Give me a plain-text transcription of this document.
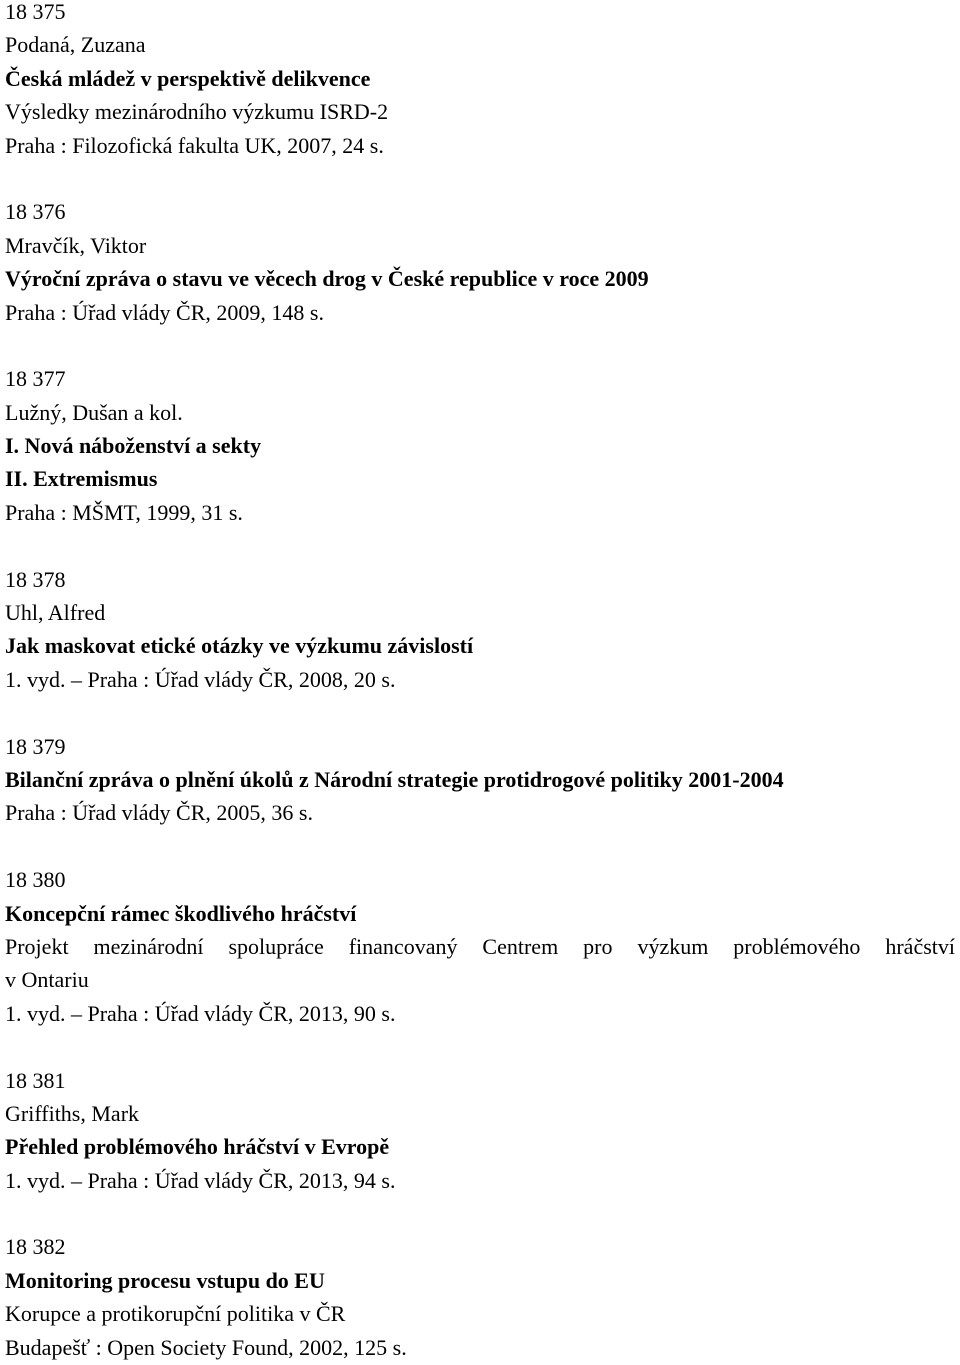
18 375
Podaná, Zuzana
Česká mládež v perspektivě delikvence
Výsledky mezinárodního výzkumu ISRD-2
Praha : Filozofická fakulta UK, 2007, 24 s.
18 376
Mravčík, Viktor
Výroční zpráva o stavu ve věcech drog v České republice v roce 2009
Praha : Úřad vlády ČR, 2009, 148 s.
18 377
Lužný, Dušan a kol.
I. Nová náboženství a sekty
II. Extremismus
Praha : MŠMT, 1999, 31 s.
18 378
Uhl, Alfred
Jak maskovat etické otázky ve výzkumu závislostí
1. vyd. – Praha : Úřad vlády ČR, 2008, 20 s.
18 379
Bilanční zpráva o plnění úkolů z Národní strategie protidrogové politiky 2001-2004
Praha : Úřad vlády ČR, 2005, 36 s.
18 380
Koncepční rámec škodlivého hráčství
Projekt mezinárodní spolupráce financovaný Centrem pro výzkum problémového hráčství
v Ontariu
1. vyd. – Praha : Úřad vlády ČR, 2013, 90 s.
18 381
Griffiths, Mark
Přehled problémového hráčství v Evropě
1. vyd. – Praha : Úřad vlády ČR, 2013, 94 s.
18 382
Monitoring procesu vstupu do EU
Korupce a protikorupční politika v ČR
Budapešť : Open Society Found, 2002, 125 s.
